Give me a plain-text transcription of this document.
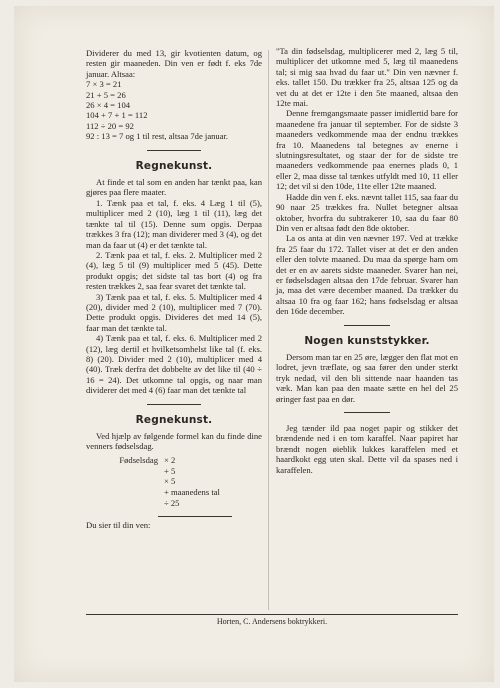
Dividerer du med 13, gir kvotienten datum, og resten gir maaneden. Din ven er født f. eks 7de januar. Altsaa:

7 × 3 = 21
21 + 5 = 26
26 × 4 = 104
104 + 7 + 1 = 112
112 ÷ 20 = 92
92 : 13 = 7 og 1 til rest, altsaa 7de januar.
Regnekunst.

At finde et tal som en anden har tænkt paa, kan gjøres paa flere maater.

1. Tænk paa et tal, f. eks. 4 Læg 1 til (5), multiplicer med 2 (10), læg 1 til (11), læg det tænkte tal til (15). Denne sum opgis. Derpaa trækkes 3 fra (12); man dividerer med 3 (4), og det man da faar ut (4) er det tænkte tal.

2. Tænk paa et tal, f. eks. 2. Multiplicer med 2 (4), læg 5 til (9) multiplicer med 5 (45). Dette produkt opgis; det sidste tal tas bort (4) og fra resten trækkes 2, saa fear svaret det tænkte tal.

3) Tænk paa et tal, f. eks. 5. Multiplicer med 4 (20), divider med 2 (10), multiplicer med 7 (70). Dette produkt opgis. Divideres det med 14 (5), faar man det tænkte tal.

4) Tænk paa et tal, f. eks. 6. Multiplicer med 2 (12), læg dertil et hvilketsomhelst like tal (f. eks. 8) (20). Divider med 2 (10), multiplicer med 4 (40). Træk derfra det dobbelte av det like til (40 ÷ 16 = 24). Det utkomne tal opgis, og naar man dividerer det med 4 (6) faar man det tænkte tal

Regnekunst.

Ved hjælp av følgende formel kan du finde dine venners fødselsdag.

Fødselsdag × 2
+ 5
× 5
+ maanedens tal
÷ 25

Du sier til din ven:

"Ta din fødselsdag, multiplicerer med 2, læg 5 til, multiplicer det utkomne med 5, læg til maanedens tal; si mig saa hvad du faar ut." Din ven nævner f. eks. tallet 150. Du trækker fra 25, altsaa 125 og da vet du at det er 12te i den 5te maaned, altsaa den 12te mai.

Denne fremgangsmaate passer imidlertid bare for maanedene fra januar til september. For de sidste 3 maaneders vedkommende maa der endnu trækkes fra 10. Maanedens tal betegnes av enerne i slutningsresultatet, og staar der for de sidste tre maaneders vedkommende paa enernes plads 0, 1 eller 2, maa disse tal tænkes utfyldt med 10, 11 eller 12; det vil si den 10de, 11te eller 12te maaned.

Hadde din ven f. eks. nævnt tallet 115, saa faar du 90 naar 25 trækkes fra. Nullet betegner altsaa oktober, hvorfra du subtrakerer 10, saa du faar 80 Din ven er altsaa født den 8de oktober.

La os anta at din ven nævner 197. Ved at trække fra 25 faar du 172. Tallet viser at det er den anden eller den tolvte maaned. Du maa da spørge ham om det er en av aarets sidste maaneder. Svarer han nei, er fødselsdagen altsaa den 17de februar. Svarer han ja, maa det være december maaned. Da trækker du altsaa 10 fra og faar 162; hans fødselsdag er altsaa den 16de december.

Nogen kunststykker.

Dersom man tar en 25 øre, lægger den flat mot en lodret, jevn træflate, og saa fører den under sterkt tryk nedad, vil den bli sittende naar haanden tas væk. Man kan paa den maate sætte en hel del 25 øringer fast paa en dør.

Jeg tænder ild paa noget papir og stikker det brændende ned i en tom karaffel. Naar papiret har brændt nogen øieblik lukkes karaffelen med et haardkokt egg uten skal. Dette vil da spases ned i karaffelen.

Horten, C. Andersens boktrykkeri.
